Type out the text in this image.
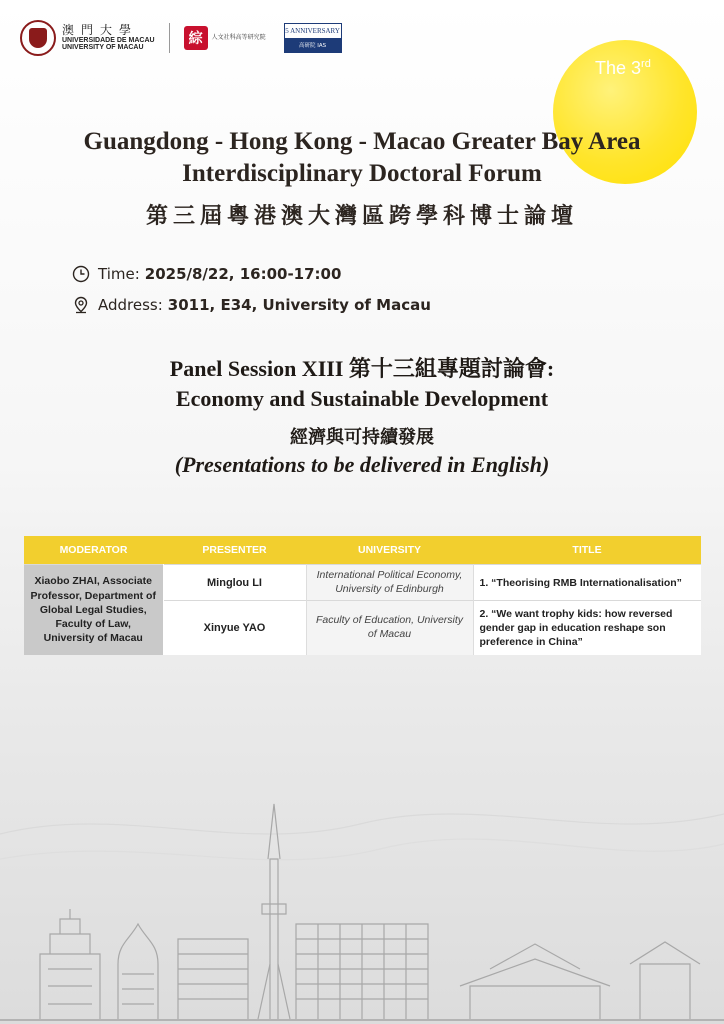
澳門大學
UNIVERSIDADE DE MACAU
UNIVERSITY OF MACAU
綜	人文社科高等研究院
5 ANNIVERSARY
高研院 IAS
The 3rd
Guangdong - Hong Kong - Macao Greater Bay Area
Interdisciplinary Doctoral Forum
第三屆粵港澳大灣區跨學科博士論壇
Time: 2025/8/22, 16:00-17:00
Address: 3011, E34, University of Macau
Panel Session XIII 第十三組專題討論會:
Economy and Sustainable Development
經濟與可持續發展
(Presentations to be delivered in English)
MODERATOR	PRESENTER	UNIVERSITY	TITLE
Xiaobo ZHAI, Associate Professor, Department of Global Legal Studies, Faculty of Law, University of Macau	Minglou LI	International Political Economy, University of Edinburgh	1. “Theorising RMB Internationalisation”
	Xinyue YAO	Faculty of Education, University of Macau	2. “We want trophy kids: how reversed gender gap in education reshape son preference in China”
